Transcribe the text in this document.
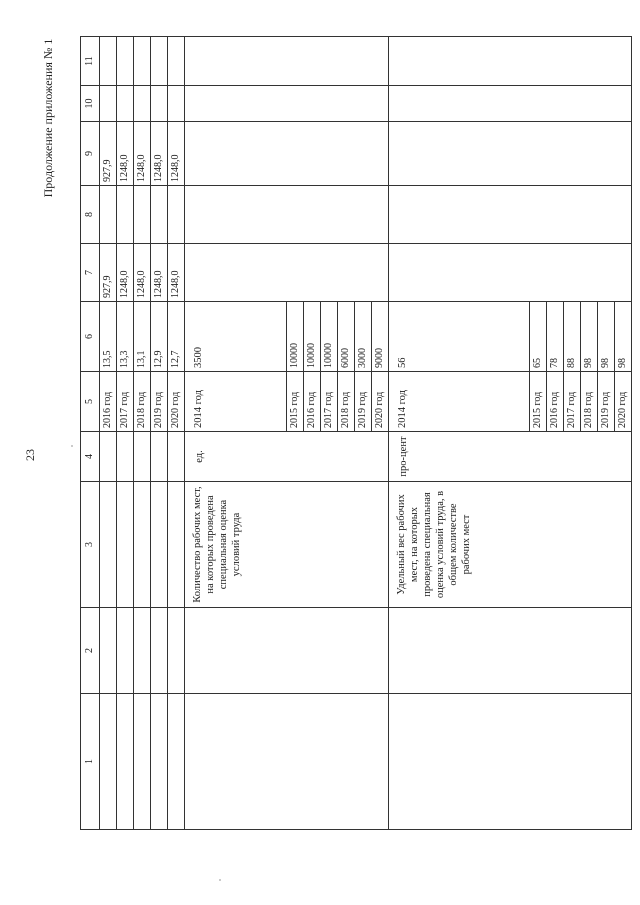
23
Продолжение приложения № 1
1	2	3	4	5	6	7	8	9	10	11
				2016 год	13,5	927,9		927,9		
				2017 год	13,3	1248,0		1248,0		
				2018 год	13,1	1248,0		1248,0		
				2019 год	12,9	1248,0		1248,0		
				2020 год	12,7	1248,0		1248,0		
		Количество рабочих мест, на которых проведена специальная оценка условий труда	ед.	2014 год	3500					
				2015 год	10000					
				2016 год	10000					
				2017 год	10000					
				2018 год	6000					
				2019 год	3000					
				2020 год	9000					
		Удельный вес рабочих мест, на которых проведена специальная оценка условий труда, в общем количестве рабочих мест	про-цент	2014 год	56					
				2015 год	65					
				2016 год	78					
				2017 год	88					
				2018 год	98					
				2019 год	98					
				2020 год	98					
